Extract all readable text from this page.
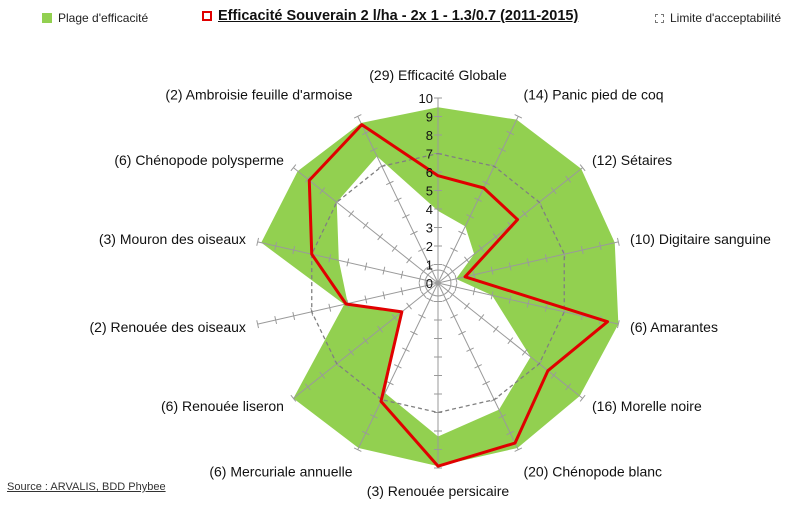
0
1
2
3
4
5
6
7
8
9
10
(29) Efficacité Globale
(14) Panic pied de coq
(12) Sétaires
(10) Digitaire sanguine
(6) Amarantes
(16) Morelle noire
(20) Chénopode blanc
(3) Renouée persicaire
(6) Mercuriale annuelle
(6) Renouée liseron
(2) Renouée des oiseaux
(3) Mouron des oiseaux
(6) Chénopode polysperme
(2) Ambroisie feuille d'armoise
Plage d'efficacité	Efficacité Souverain 2 l/ha - 2x 1 - 1.3/0.7 (2011-2015)	Limite d'acceptabilité
Source : ARVALIS, BDD Phybee
